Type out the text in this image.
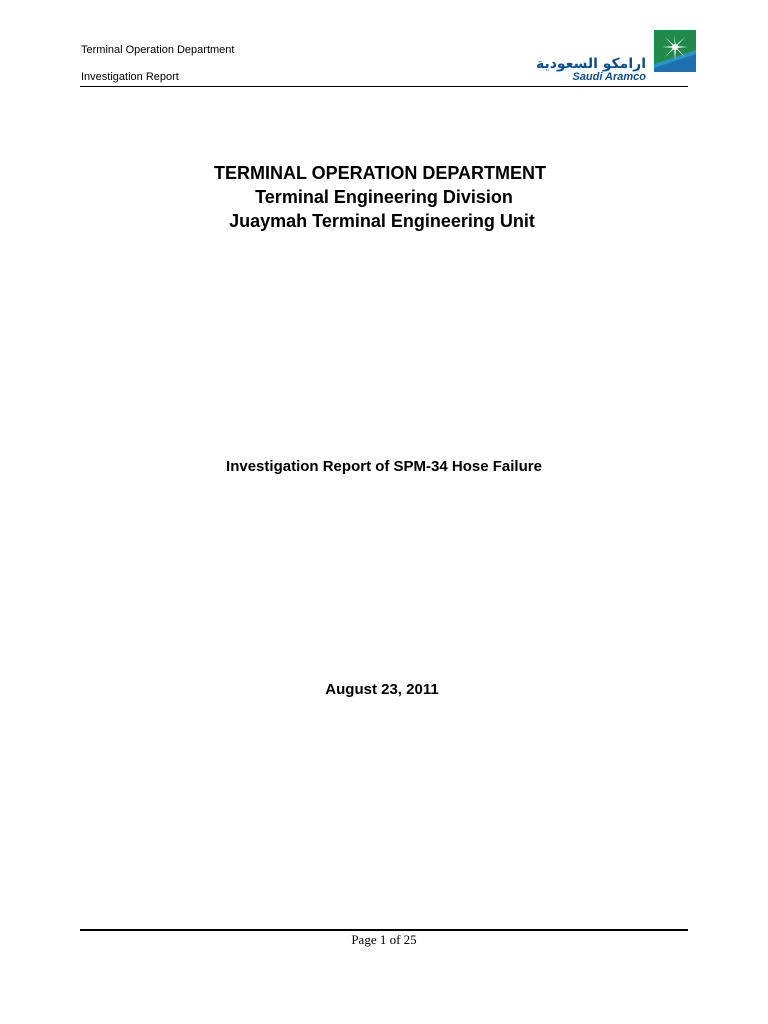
Terminal Operation Department
Investigation Report
ارامكو السعودية
Saudi Aramco
TERMINAL OPERATION DEPARTMENT
Terminal Engineering Division
Juaymah Terminal Engineering Unit
Investigation Report of SPM-34 Hose Failure
August 23, 2011
Page 1 of 25
